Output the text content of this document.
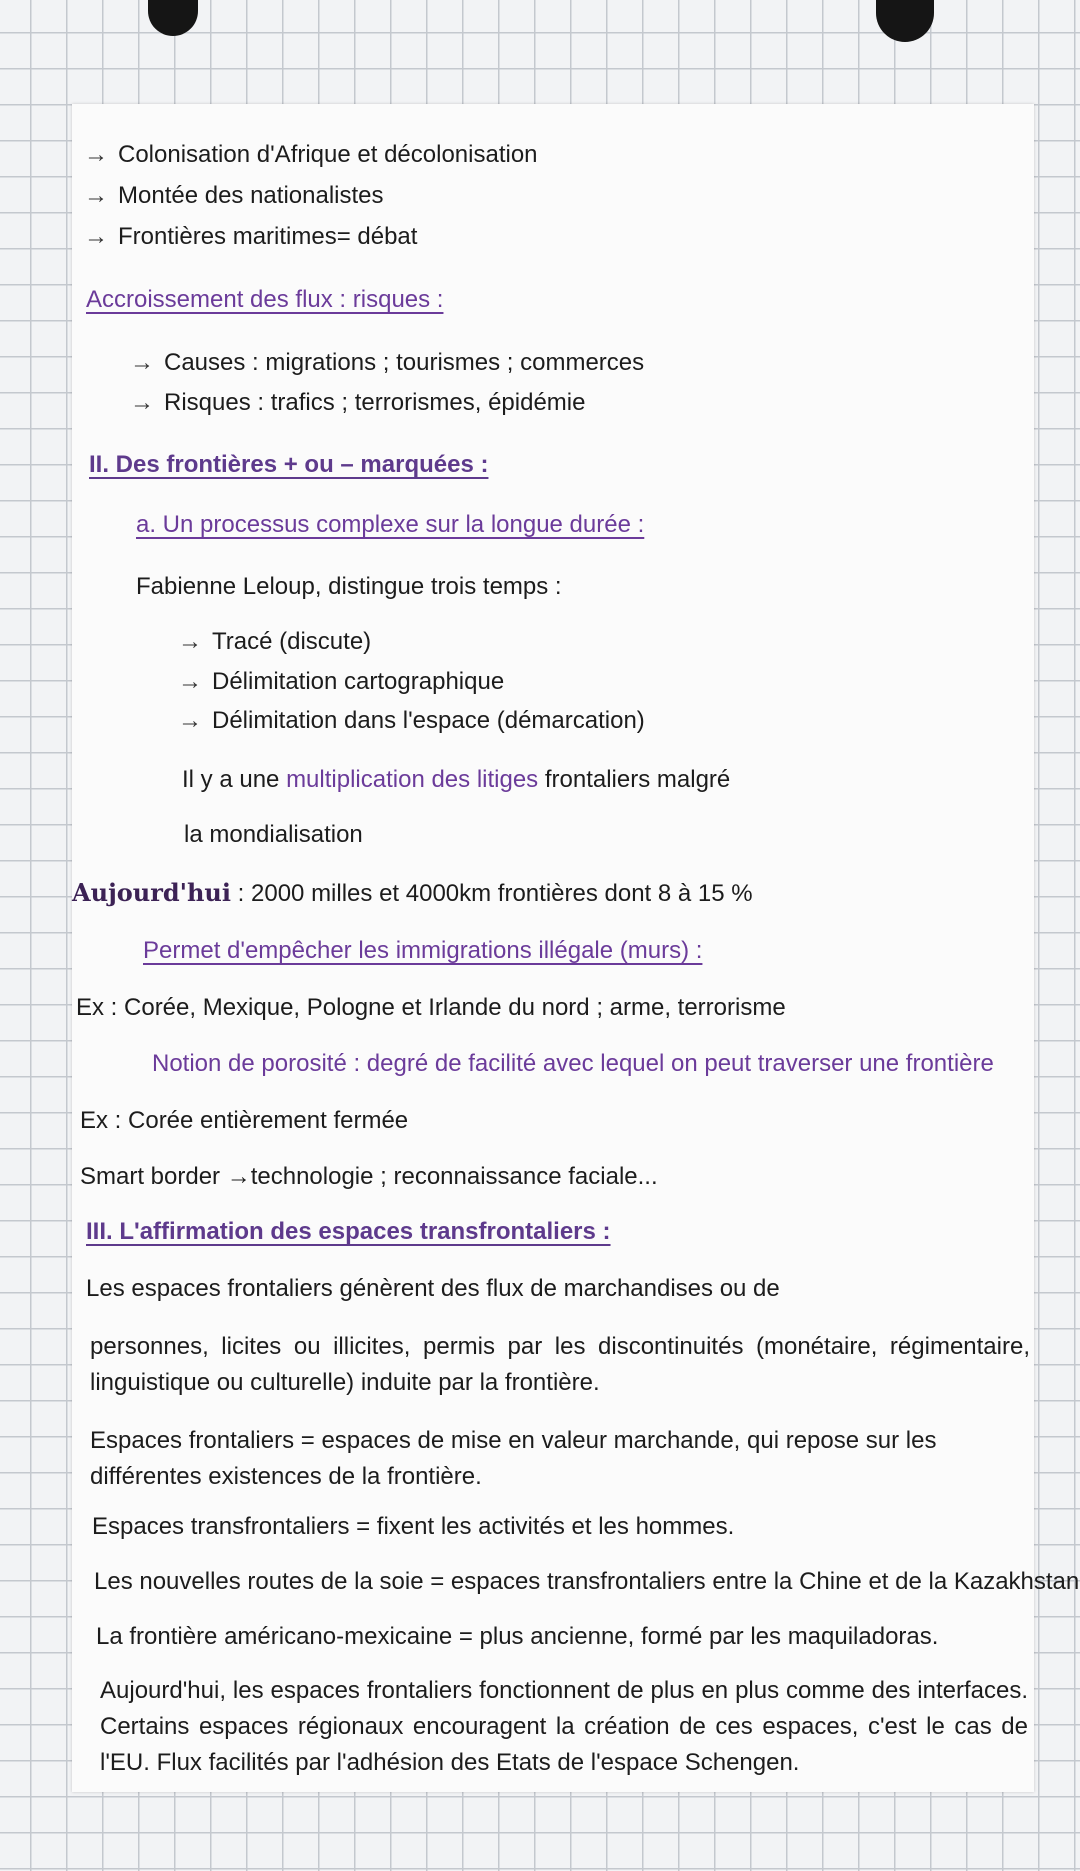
→ Colonisation d'Afrique et décolonisation
→ Montée des nationalistes
→ Frontières maritimes= débat
Accroissement des flux : risques :
→ Causes : migrations ; tourismes ; commerces
→ Risques : trafics ; terrorismes, épidémie
II. Des frontières + ou – marquées :
a. Un processus complexe sur la longue durée :
Fabienne Leloup, distingue trois temps :
→ Tracé (discute)
→ Délimitation cartographique
→ Délimitation dans l'espace (démarcation)
Il y a une multiplication des litiges frontaliers malgré
la mondialisation
Aujourd'hui : 2000 milles et 4000km frontières dont 8 à 15 %
Permet d'empêcher les immigrations illégale (murs) :
Ex : Corée, Mexique, Pologne et Irlande du nord ; arme, terrorisme
Notion de porosité : degré de facilité avec lequel on peut traverser une frontière
Ex : Corée entièrement fermée
Smart border →technologie ; reconnaissance faciale...
III. L'affirmation des espaces transfrontaliers :
Les espaces frontaliers génèrent des flux de marchandises ou de
personnes, licites ou illicites, permis par les discontinuités (monétaire, régimentaire, linguistique ou culturelle) induite par la frontière.
Espaces frontaliers = espaces de mise en valeur marchande, qui repose sur les différentes existences de la frontière.
Espaces transfrontaliers = fixent les activités et les hommes.
Les nouvelles routes de la soie = espaces transfrontaliers entre la Chine et de la Kazakhstan
La frontière américano-mexicaine = plus ancienne, formé par les maquiladoras.
Aujourd'hui, les espaces frontaliers fonctionnent de plus en plus comme des interfaces. Certains espaces régionaux encouragent la création de ces espaces, c'est le cas de l'EU. Flux facilités par l'adhésion des Etats de l'espace Schengen.
